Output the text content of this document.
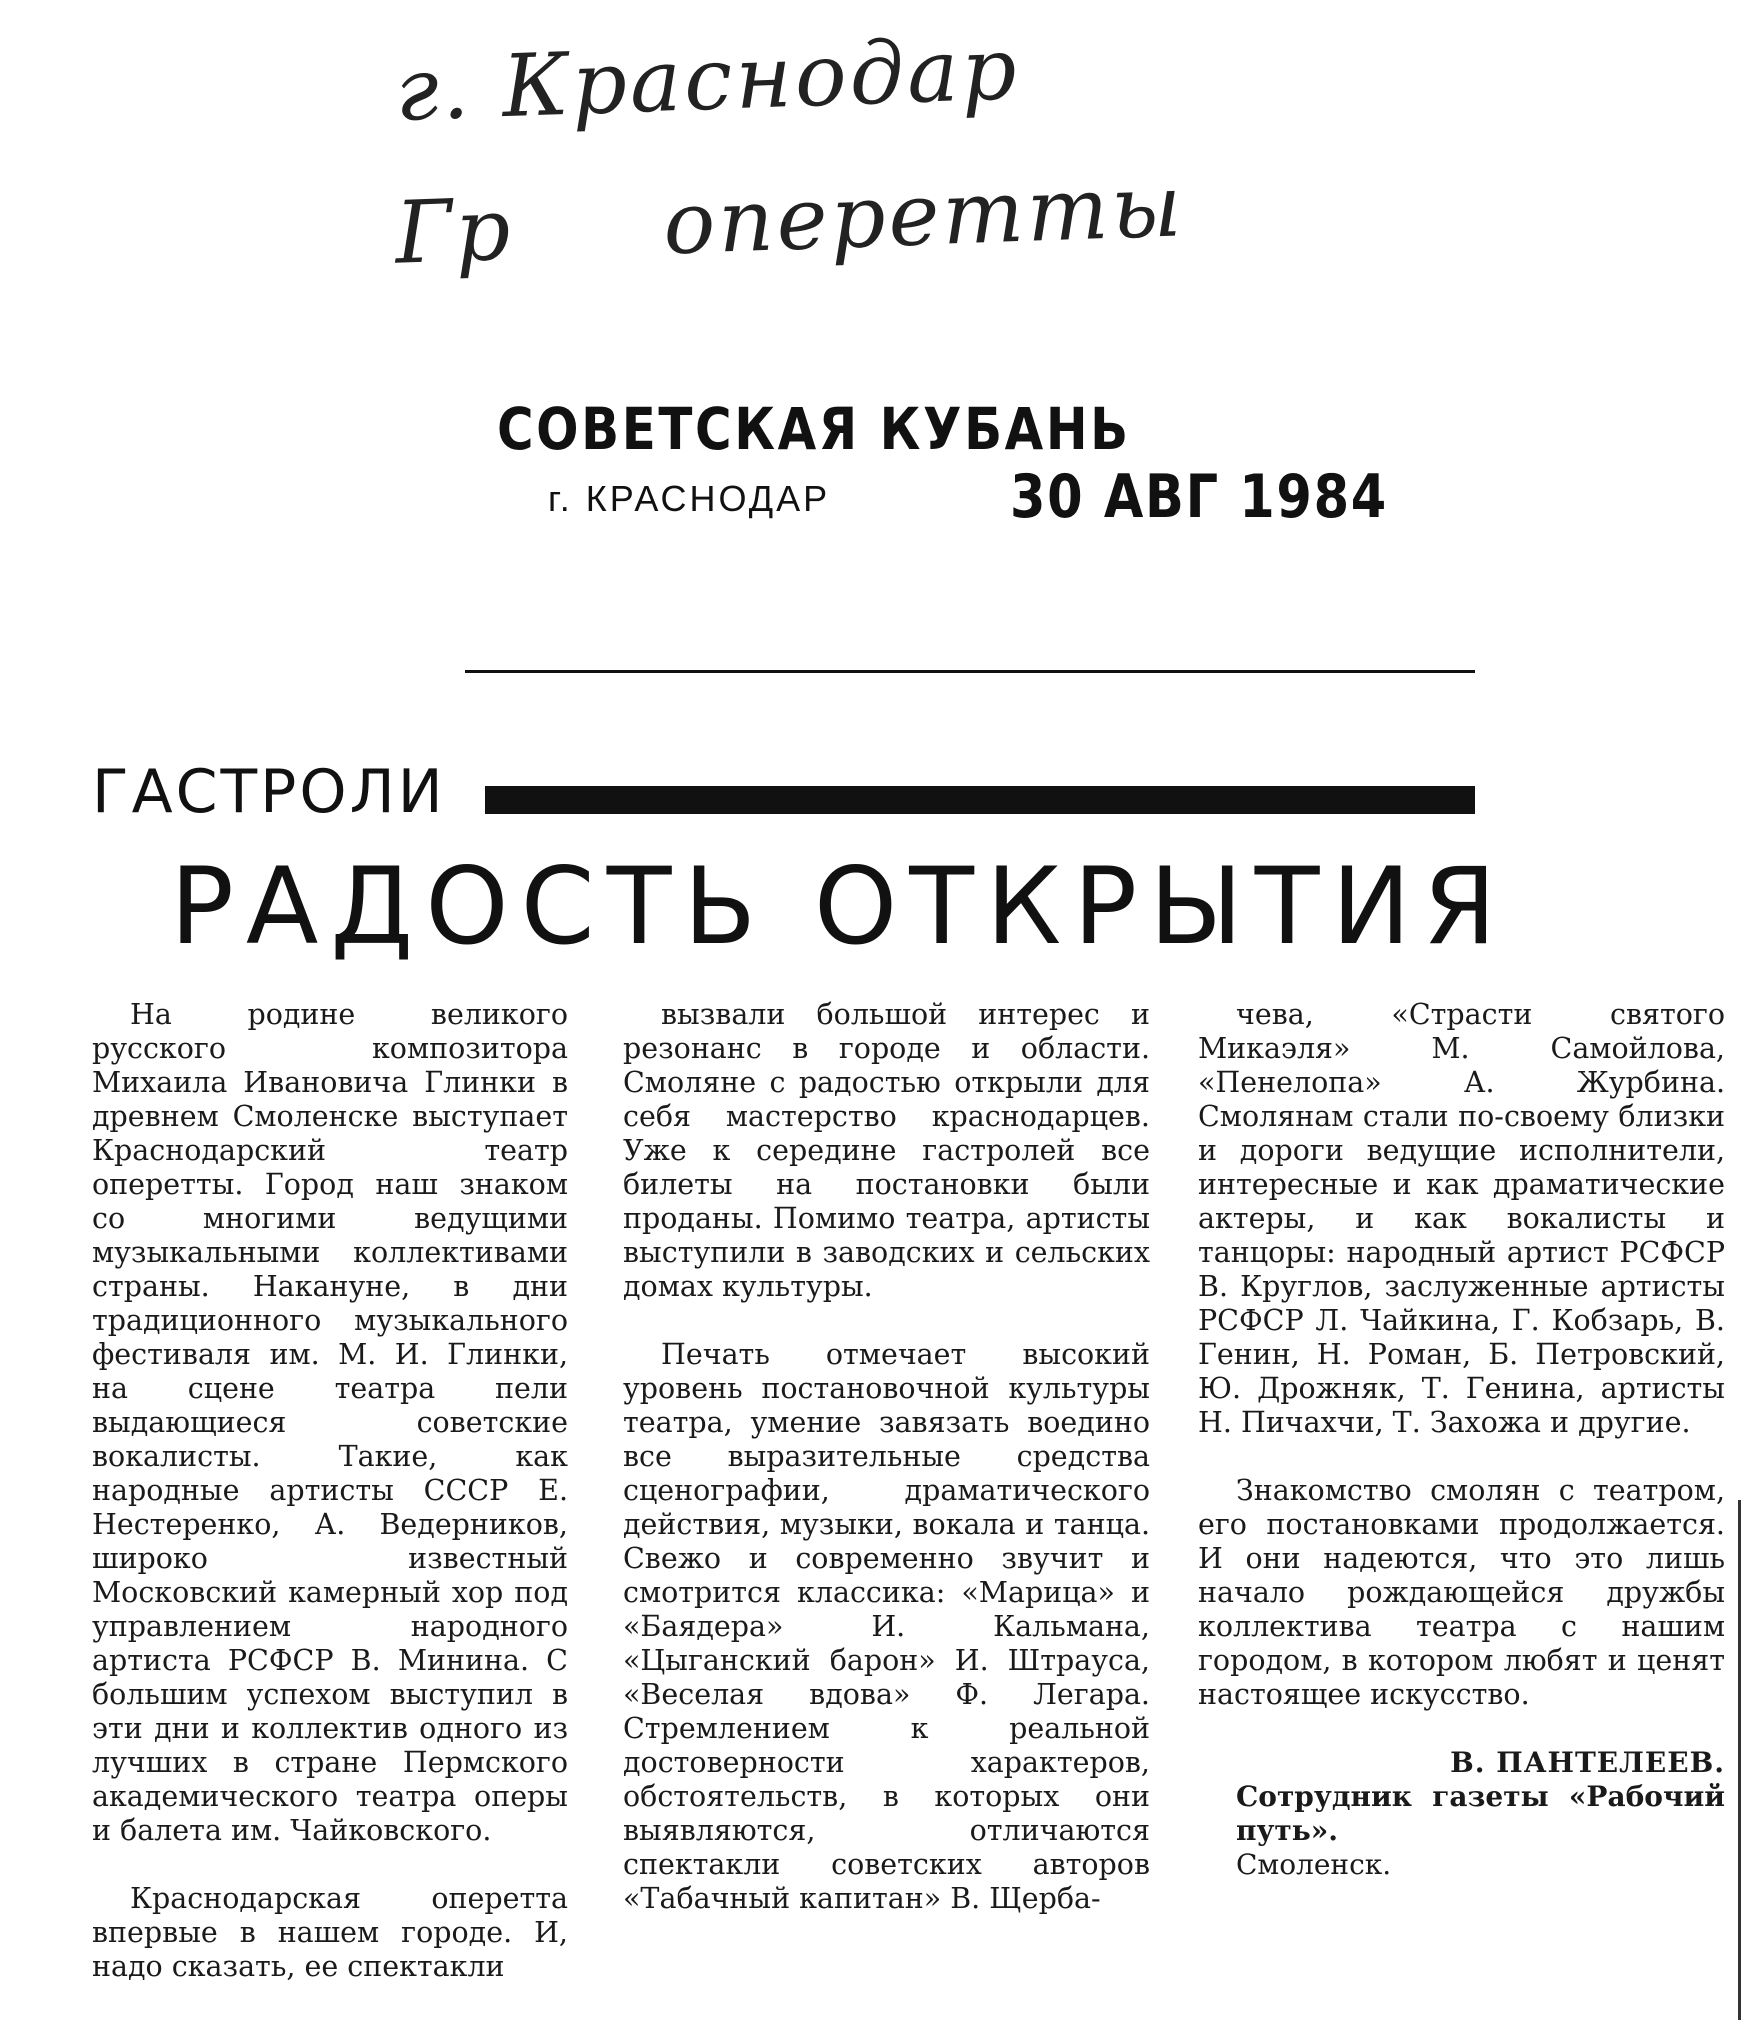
г. Краснодар
Гр оперетты
СОВЕТСКАЯ КУБАНЬ
г. КРАСНОДАР	30 АВГ 1984
ГАСТРОЛИ
РАДОСТЬ ОТКРЫТИЯ

На родине великого русского композитора Михаила Ивановича Глинки в древнем Смоленске выступает Краснодарский театр оперетты. Город наш знаком со многими ведущими музыкальными коллективами страны. Накануне, в дни традиционного музыкального фестиваля им. М. И. Глинки, на сцене театра пели выдающиеся советские вокалисты. Такие, как народные артисты СССР Е. Нестеренко, А. Ведерников, широко известный Московский камерный хор под управлением народного артиста РСФСР В. Минина. С большим успехом выступил в эти дни и коллектив одного из лучших в стране Пермского академического театра оперы и балета им. Чайковского.

Краснодарская оперетта впервые в нашем городе. И, надо сказать, ее спектакли

вызвали большой интерес и резонанс в городе и области. Смоляне с радостью открыли для себя мастерство краснодарцев. Уже к середине гастролей все билеты на постановки были проданы. Помимо театра, артисты выступили в заводских и сельских домах культуры.

Печать отмечает высокий уровень постановочной культуры театра, умение завязать воедино все выразительные средства сценографии, драматического действия, музыки, вокала и танца. Свежо и современно звучит и смотрится классика: «Марица» и «Баядера» И. Кальмана, «Цыганский барон» И. Штрауса, «Веселая вдова» Ф. Легара. Стремлением к реальной достоверности характеров, обстоятельств, в которых они выявляются, отличаются спектакли советских авторов «Табачный капитан» В. Щерба-

чева, «Страсти святого Микаэля» М. Самойлова, «Пенелопа» А. Журбина. Смолянам стали по-своему близки и дороги ведущие исполнители, интересные и как драматические актеры, и как вокалисты и танцоры: народный артист РСФСР В. Круглов, заслуженные артисты РСФСР Л. Чайкина, Г. Кобзарь, В. Генин, Н. Роман, Б. Петровский, Ю. Дрожняк, Т. Генина, артисты Н. Пичахчи, Т. Захожа и другие.

Знакомство смолян с театром, его постановками продолжается. И они надеются, что это лишь начало рождающейся дружбы коллектива театра с нашим городом, в котором любят и ценят настоящее искусство.

В. ПАНТЕЛЕЕВ.
Сотрудник газеты «Рабочий путь».
Смоленск.
